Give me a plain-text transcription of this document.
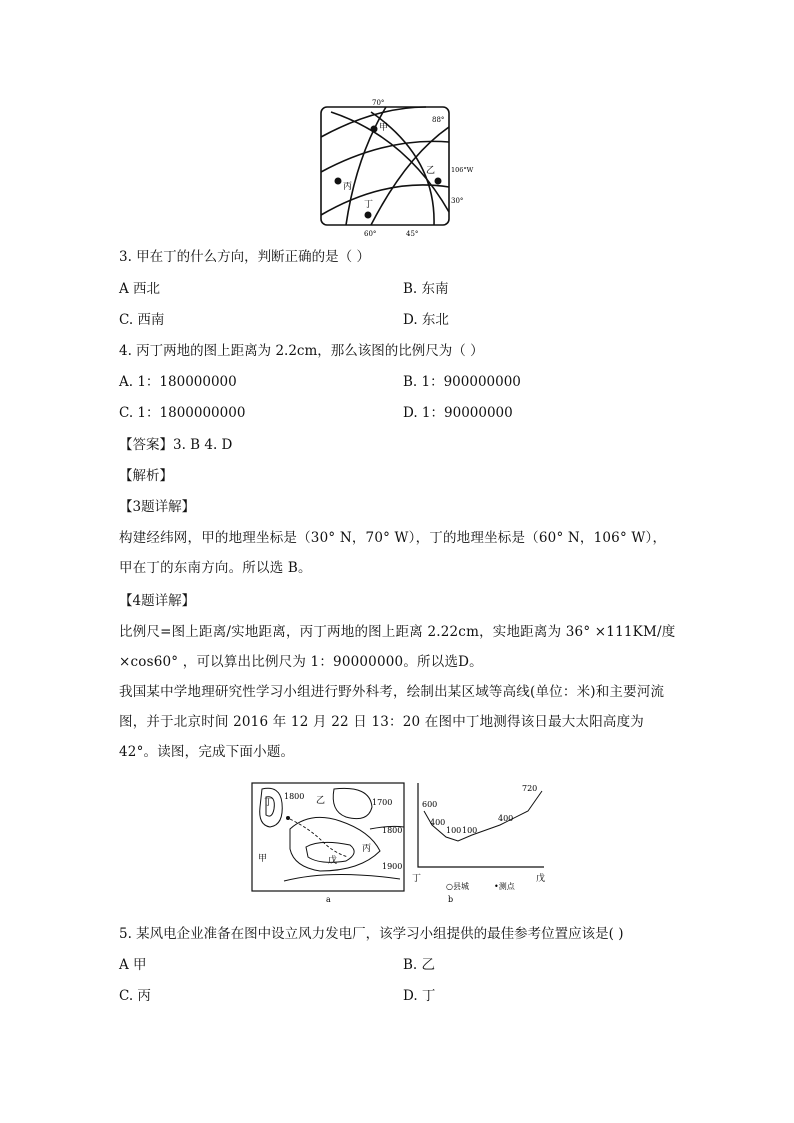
70°
88°
106°W
30°
60°	45°
甲
乙
丙
丁
3. 甲在丁的什么方向，判断正确的是（ ）
A 西北	B. 东南
C. 西南	D. 东北
4. 丙丁两地的图上距离为 2.2cm，那么该图的比例尺为（ ）
A. 1：180000000	B. 1：900000000
C. 1：1800000000	D. 1：90000000
【答案】3. B 4. D
【解析】
【3题详解】
构建经纬网，甲的地理坐标是（30° N，70° W），丁的地理坐标是（60° N，106° W），甲在丁的东南方向。所以选 B。
【4题详解】
比例尺=图上距离/实地距离，丙丁两地的图上距离 2.22cm，实地距离为 36° ×111KM/度×cos60° ，可以算出比例尺为 1：90000000。所以选D。
我国某中学地理研究性学习小组进行野外科考，绘制出某区域等高线(单位：米)和主要河流图，并于北京时间 2016 年 12 月 22 日 13：20 在图中丁地测得该日最大太阳高度为 42°。读图，完成下面小题。
丁
1800 乙	1700
1800
丙
甲	戊
1900
a
600
400
100 100
400
720
丁	戊
○县城	•测点
b
5. 某风电企业准备在图中设立风力发电厂，该学习小组提供的最佳参考位置应该是( )
A 甲	B. 乙
C. 丙	D. 丁
